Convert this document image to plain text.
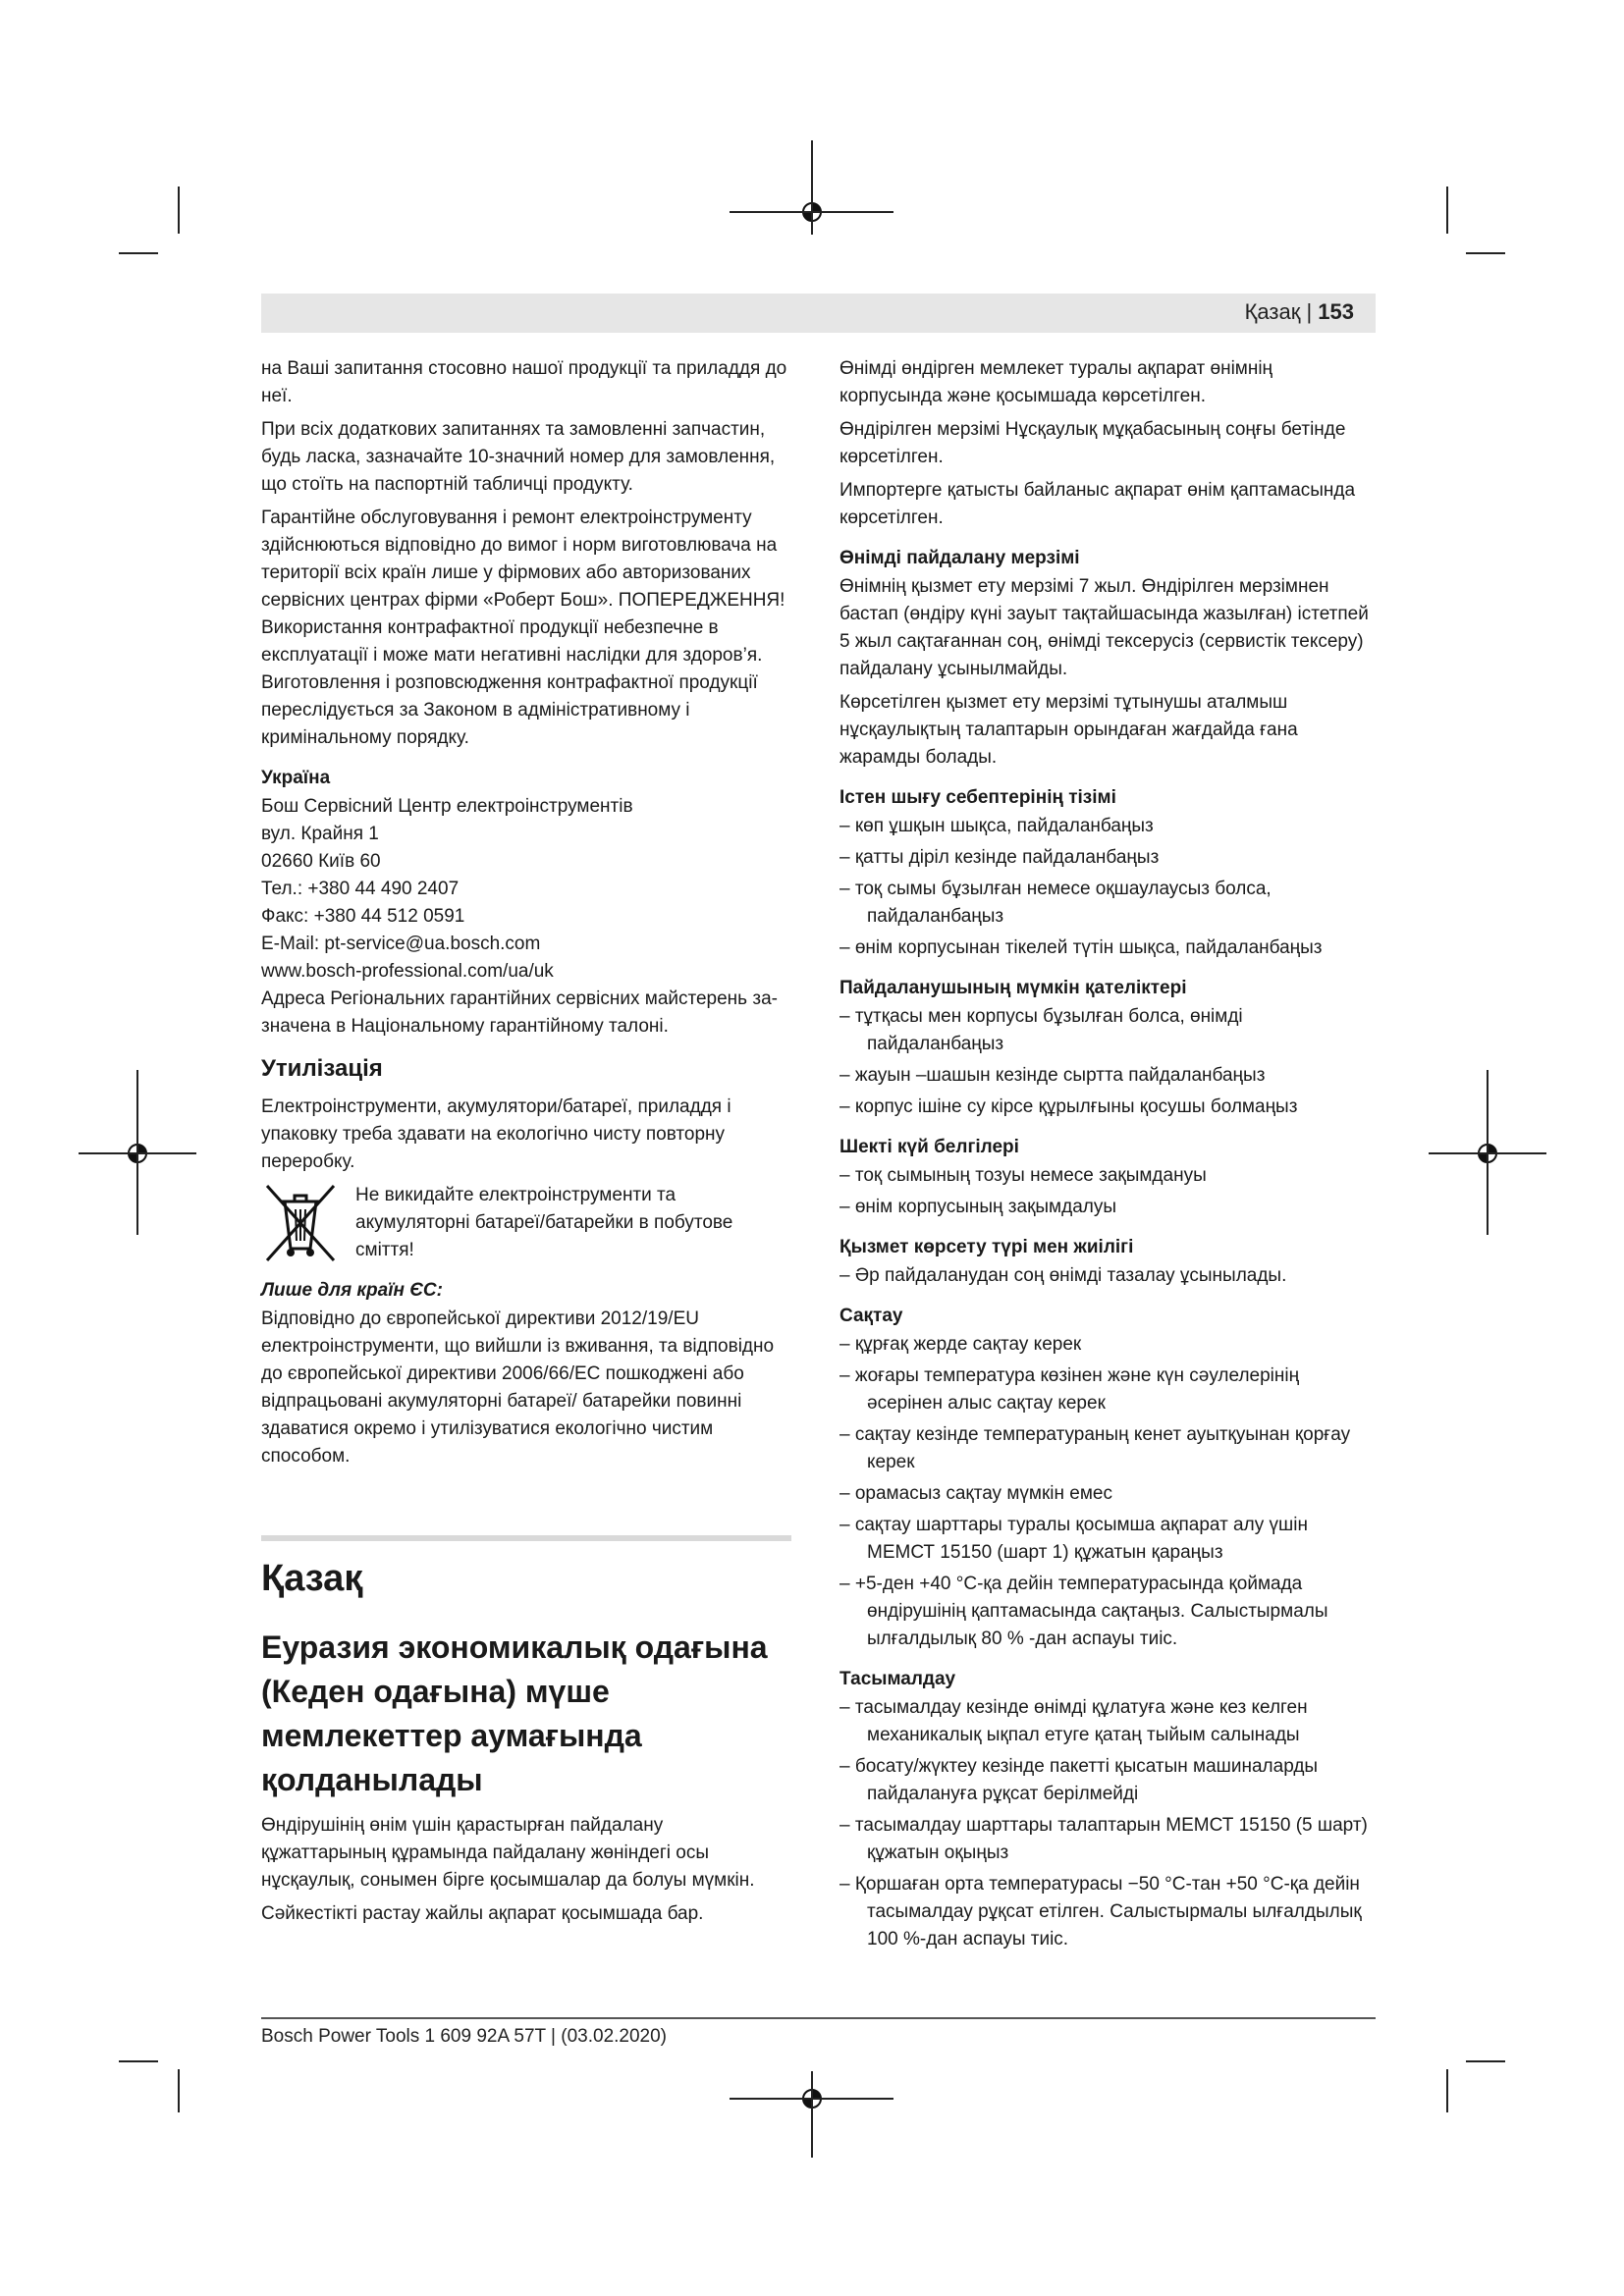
Қазақ | 153

на Ваші запитання стосовно нашої продукції та приладдя до неї.

При всіх додаткових запитаннях та замовленні запчастин, будь ласка, зазначайте 10-значний номер для замовлення, що стоїть на паспортній табличці продукту.

Гарантійне обслуговування і ремонт електроінструменту здійснюються відповідно до вимог і норм виготовлювача на території всіх країн лише у фірмових або авторизованих сервісних центрах фірми «Роберт Бош». ПОПЕРЕДЖЕННЯ! Використання контрафактної продукції небезпечне в експлуатації і може мати негативні наслідки для здоров’я. Виготовлення і розповсюдження контрафактної продукції переслідується за Законом в адміністративному і кримінальному порядку.

Україна
Бош Сервісний Центр електроінструментів
вул. Крайня 1
02660 Київ 60
Тел.: +380 44 490 2407
Факс: +380 44 512 0591
E-Mail: pt-service@ua.bosch.com
www.bosch-professional.com/ua/uk

Адреса Регіональних гарантійних сервісних майстерень за- значена в Національному гарантійному талоні.

Утилізація

Електроінструменти, акумулятори/батареї, приладдя і упаковку треба здавати на екологічно чисту повторну переробку.

Не викидайте електроінструменти та акумуляторні батареї/батарейки в побутове сміття!

Лише для країн ЄС:

Відповідно до європейської директиви 2012/19/EU електроінструменти, що вийшли із вживання, та відповідно до європейської директиви 2006/66/EC пошкоджені або відпрацьовані акумуляторні батареї/ батарейки повинні здаватися окремо і утилізуватися екологічно чистим способом.

Қазақ
Еуразия экономикалық одағына (Кеден одағына) мүше мемлекеттер аумағында қолданылады

Өндірушінің өнім үшін қарастырған пайдалану құжаттарының құрамында пайдалану жөніндегі осы нұсқаулық, сонымен бірге қосымшалар да болуы мүмкін.

Сәйкестікті растау жайлы ақпарат қосымшада бар.

Өнімді өндірген мемлекет туралы ақпарат өнімнің корпусында және қосымшада көрсетілген.

Өндірілген мерзімі Нұсқаулық мұқабасының соңғы бетінде көрсетілген.

Импортерге қатысты байланыс ақпарат өнім қаптамасында көрсетілген.

Өнімді пайдалану мерзімі

Өнімнің қызмет ету мерзімі 7 жыл. Өндірілген мерзімнен бастап (өндіру күні зауыт тақтайшасында жазылған) істетпей 5 жыл сақтағаннан соң, өнімді тексерусіз (сервистік тексеру) пайдалану ұсынылмайды.

Көрсетілген қызмет ету мерзімі тұтынушы аталмыш нұсқаулықтың талаптарын орындаған жағдайда ғана жарамды болады.

Істен шығу себептерінің тізімі
– көп ұшқын шықса, пайдаланбаңыз
– қатты діріл кезінде пайдаланбаңыз
– тоқ сымы бұзылған немесе оқшаулаусыз болса, пайдаланбаңыз
– өнім корпусынан тікелей түтін шықса, пайдаланбаңыз
Пайдаланушының мүмкін қателіктері
– тұтқасы мен корпусы бұзылған болса, өнімді пайдаланбаңыз
– жауын –шашын кезінде сыртта пайдаланбаңыз
– корпус ішіне су кірсе құрылғыны қосушы болмаңыз
Шекті күй белгілері
– тоқ сымының тозуы немесе зақымдануы
– өнім корпусының зақымдалуы
Қызмет көрсету түрі мен жиілігі
– Әр пайдаланудан соң өнімді тазалау ұсынылады.
Сақтау
– құрғақ жерде сақтау керек
– жоғары температура көзінен және күн сәулелерінің әсерінен алыс сақтау керек
– сақтау кезінде температураның кенет ауытқуынан қорғау керек
– орамасыз сақтау мүмкін емес
– сақтау шарттары туралы қосымша ақпарат алу үшін МЕМСТ 15150 (шарт 1) құжатын қараңыз
– +5-ден +40 °C-қа дейін температурасында қоймада өндірушінің қаптамасында сақтаңыз. Салыстырмалы ылғалдылық 80 % -дан аспауы тиіс.
Тасымалдау
– тасымалдау кезінде өнімді құлатуға және кез келген механикалық ықпал етуге қатаң тыйым салынады
– босату/жүктеу кезінде пакетті қысатын машиналарды пайдалануға рұқсат берілмейді
– тасымалдау шарттары талаптарын МЕМСТ 15150 (5 шарт) құжатын оқыңыз
– Қоршаған орта температурасы −50 °C-тан +50 °C-қа дейін тасымалдау рұқсат етілген. Салыстырмалы ылғалдылық 100 %-дан аспауы тиіс.
Bosch Power Tools 1 609 92A 57T | (03.02.2020)
